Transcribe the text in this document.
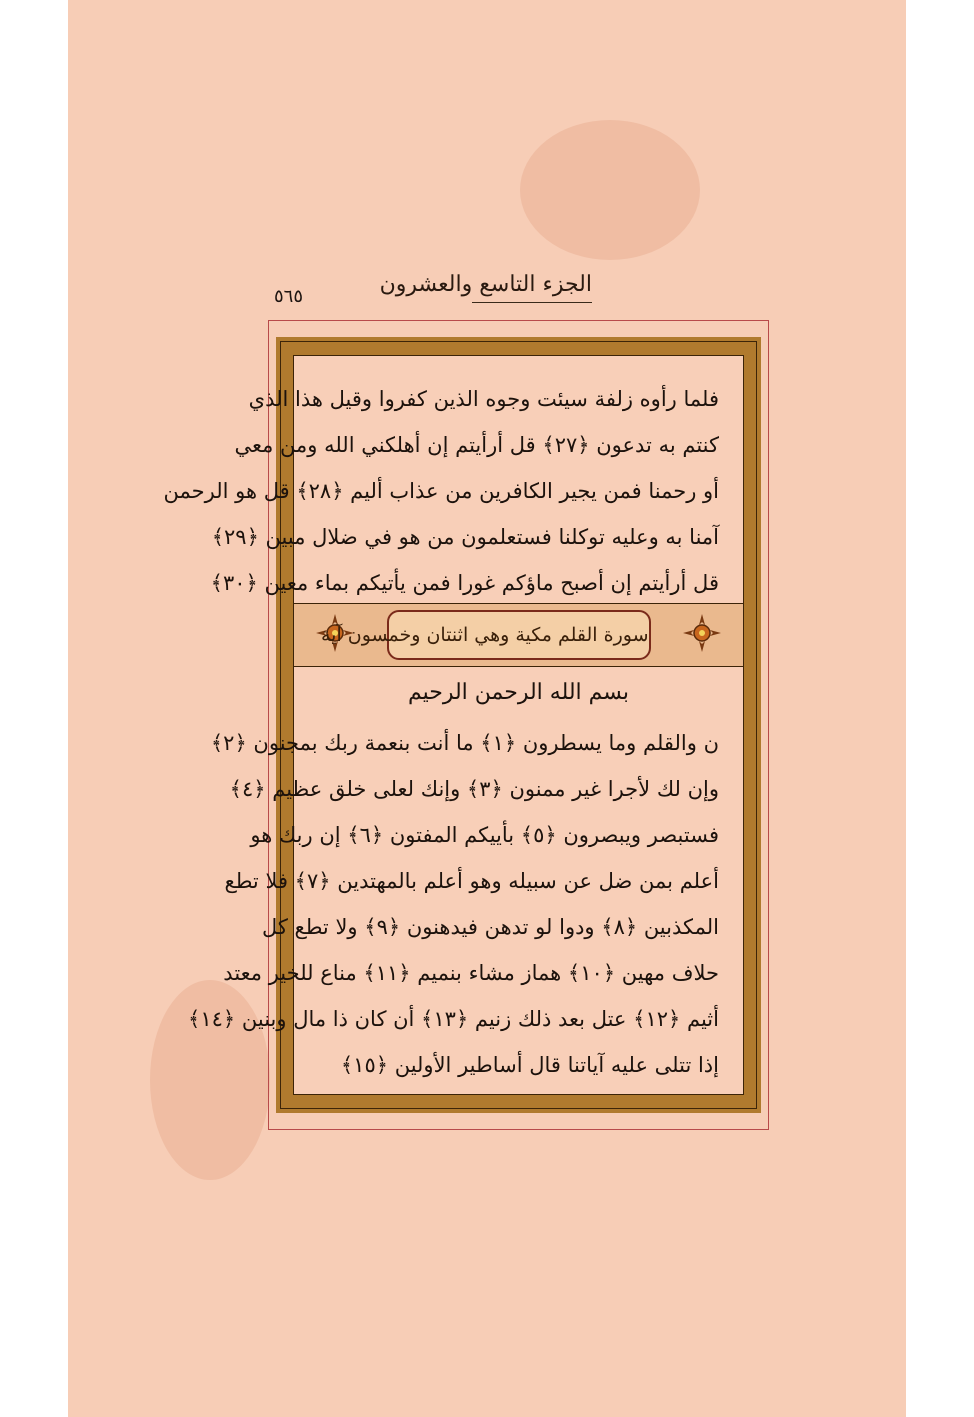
الجزء التاسع والعشرون
٥٦٥
فلما رأوه زلفة سيئت وجوه الذين كفروا وقيل هذا الذي
كنتم به تدعون ﴿٢٧﴾ قل أرأيتم إن أهلكني الله ومن معي
أو رحمنا فمن يجير الكافرين من عذاب أليم ﴿٢٨﴾ قل هو الرحمن
آمنا به وعليه توكلنا فستعلمون من هو في ضلال مبين ﴿٢٩﴾
قل أرأيتم إن أصبح ماؤكم غورا فمن يأتيكم بماء معين ﴿٣٠﴾
سورة القلم مكية وهي اثنتان وخمسون آية
بسم الله الرحمن الرحيم
ن والقلم وما يسطرون ﴿١﴾ ما أنت بنعمة ربك بمجنون ﴿٢﴾
وإن لك لأجرا غير ممنون ﴿٣﴾ وإنك لعلى خلق عظيم ﴿٤﴾
فستبصر ويبصرون ﴿٥﴾ بأييكم المفتون ﴿٦﴾ إن ربك هو
أعلم بمن ضل عن سبيله وهو أعلم بالمهتدين ﴿٧﴾ فلا تطع
المكذبين ﴿٨﴾ ودوا لو تدهن فيدهنون ﴿٩﴾ ولا تطع كل
حلاف مهين ﴿١٠﴾ هماز مشاء بنميم ﴿١١﴾ مناع للخير معتد
أثيم ﴿١٢﴾ عتل بعد ذلك زنيم ﴿١٣﴾ أن كان ذا مال وبنين ﴿١٤﴾
إذا تتلى عليه آياتنا قال أساطير الأولين ﴿١٥﴾
